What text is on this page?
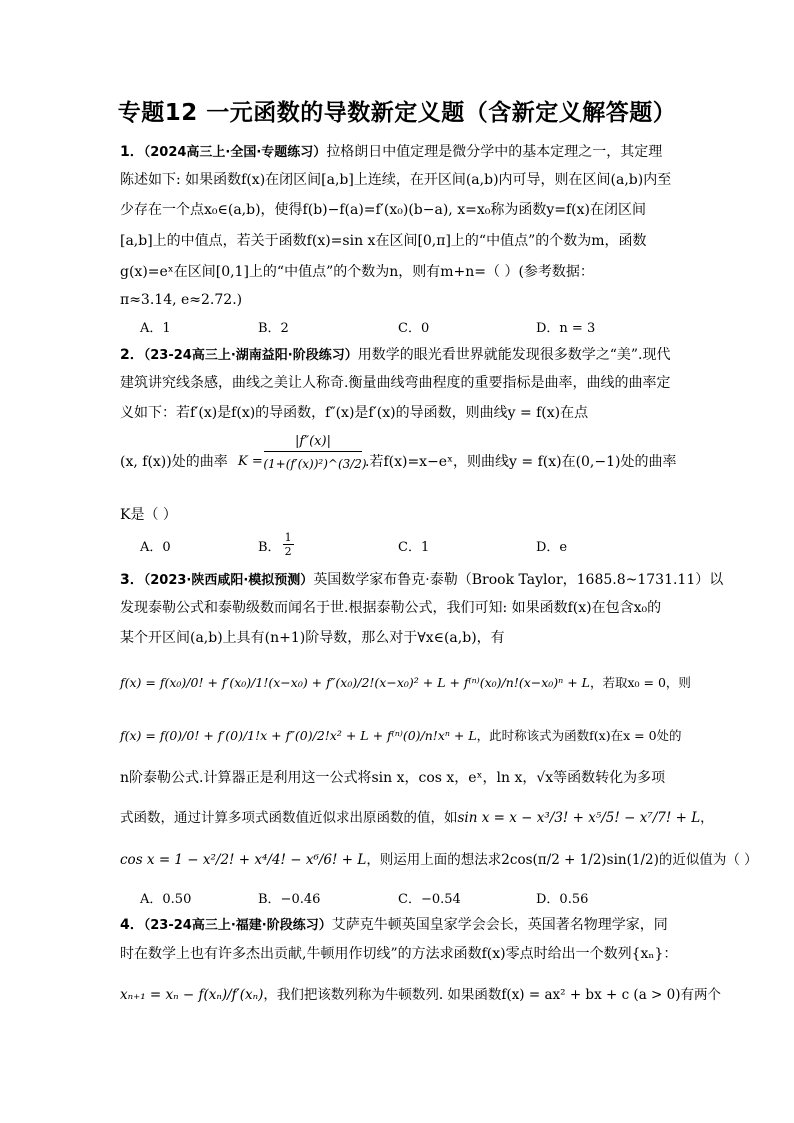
专题12 一元函数的导数新定义题（含新定义解答题）
1．（2024高三上·全国·专题练习）拉格朗日中值定理是微分学中的基本定理之一，其定理
陈述如下: 如果函数f(x)在闭区间[a,b]上连续，在开区间(a,b)内可导，则在区间(a,b)内至
少存在一个点x₀∈(a,b)，使得f(b)−f(a)=f′(x₀)(b−a), x=x₀称为函数y=f(x)在闭区间
[a,b]上的中值点，若关于函数f(x)=sin x在区间[0,π]上的“中值点”的个数为m，函数
g(x)=eˣ在区间[0,1]上的“中值点”的个数为n，则有m+n=（ ）(参考数据：
π≈3.14, e≈2.72.)
A．1	B．2	C．0	D．n = 3
2．（23-24高三上·湖南益阳·阶段练习）用数学的眼光看世界就能发现很多数学之“美”.现代
建筑讲究线条感，曲线之美让人称奇.衡量曲线弯曲程度的重要指标是曲率，曲线的曲率定
义如下：若f′(x)是f(x)的导函数，f″(x)是f′(x)的导函数，则曲线y = f(x)在点
(x, f(x))处的曲率 K =
|f″(x)|
(1+(f′(x))²)^(3/2)
.若f(x)=x−eˣ，则曲线y = f(x)在(0,−1)处的曲率
K是（ ）
A．0	B． $\frac{1}{2}$	C．1	D．e
3．（2023·陕西咸阳·模拟预测）英国数学家布鲁克·泰勒（Brook Taylor，1685.8~1731.11）以
发现泰勒公式和泰勒级数而闻名于世.根据泰勒公式，我们可知: 如果函数f(x)在包含x₀的
某个开区间(a,b)上具有(n+1)阶导数，那么对于∀x∈(a,b)，有
f(x) = f(x₀)/0! + f′(x₀)/1!(x−x₀) + f″(x₀)/2!(x−x₀)² + L + f⁽ⁿ⁾(x₀)/n!(x−x₀)ⁿ + L，若取x₀ = 0，则
f(x) = f(0)/0! + f′(0)/1!x + f″(0)/2!x² + L + f⁽ⁿ⁾(0)/n!xⁿ + L，此时称该式为函数f(x)在x = 0处的
n阶泰勒公式.计算器正是利用这一公式将sin x，cos x，eˣ，ln x，√x等函数转化为多项
式函数，通过计算多项式函数值近似求出原函数的值，如sin x = x − x³/3! + x⁵/5! − x⁷/7! + L，
cos x = 1 − x²/2! + x⁴/4! − x⁶/6! + L，则运用上面的想法求2cos(π/2 + 1/2)sin(1/2)的近似值为（ ）
A．0.50	B．−0.46	C．−0.54	D．0.56
4．（23-24高三上·福建·阶段练习）艾萨克牛顿英国皇家学会会长，英国著名物理学家，同
时在数学上也有许多杰出贡献,牛顿用作切线”的方法求函数f(x)零点时给出一个数列{xₙ}：
xₙ₊₁ = xₙ − f(xₙ)/f′(xₙ)，我们把该数列称为牛顿数列. 如果函数f(x) = ax² + bx + c (a > 0)有两个
